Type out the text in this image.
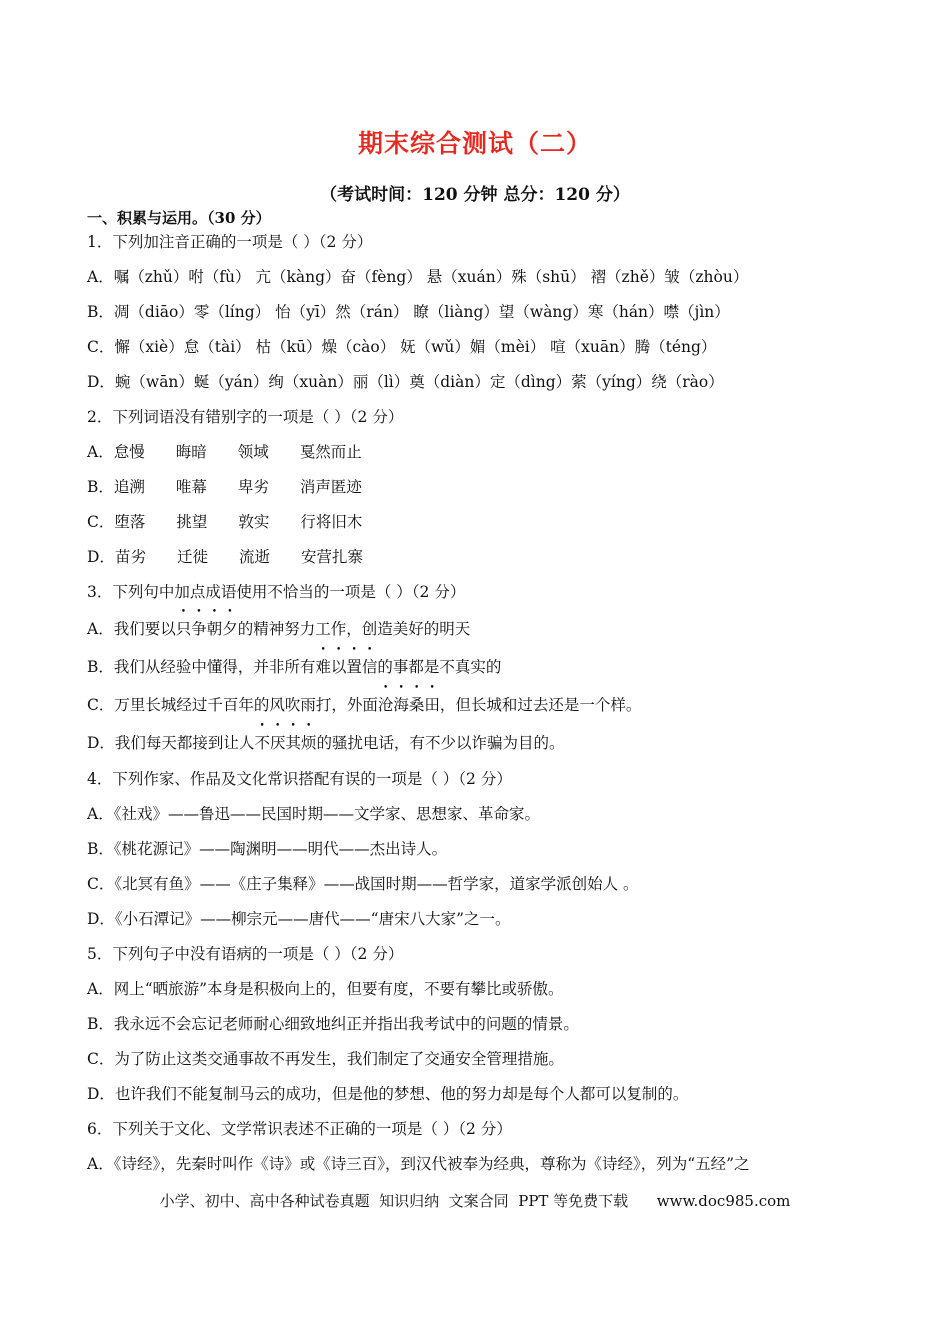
期末综合测试（二）
（考试时间：120 分钟 总分：120 分）
一、积累与运用。（30 分）
1．下列加注音正确的一项是（ ）（2 分）
A．嘱（zhǔ）咐（fù） 亢（kàng）奋（fèng） 悬（xuán）殊（shū） 褶（zhě）皱（zhòu）
B．凋（diāo）零（líng） 怡（yī）然（rán） 瞭（liàng）望（wàng）寒（hán）噤（jìn）
C．懈（xiè）怠（tài） 枯（kū）燥（cào） 妩（wǔ）媚（mèi） 喧（xuān）腾（téng）
D．蜿（wān）蜒（yán）绚（xuàn）丽（lì）奠（diàn）定（dìng）萦（yíng）绕（rào）
2．下列词语没有错别字的一项是（ ）（2 分）
A．怠慢 晦暗 领域 戛然而止
B．追溯 唯幕 卑劣 消声匿迹
C．堕落 挑望 敦实 行将旧木
D．苗劣 迁徙 流逝 安营扎寨
3．下列句中加点成语使用不恰当的一项是（ ）（2 分）
A．我们要以
• • • •
只争朝夕的精神努力工作，创造美好的明天
B．我们从经验中懂得，并非所有
• • • •
难以置信的事都是不真实的
C．万里长城经过千百年的风吹雨打，外面
• • • •
沧海桑田，但长城和过去还是一个样。
D．我们每天都接到让人
• • • •
不厌其烦的骚扰电话，有不少以诈骗为目的。
4．下列作家、作品及文化常识搭配有误的一项是（ ）（2 分）
A．《社戏》——鲁迅——民国时期——文学家、思想家、革命家。
B．《桃花源记》——陶渊明——明代——杰出诗人。
C．《北冥有鱼》——《庄子集释》——战国时期——哲学家，道家学派创始人 。
D．《小石潭记》——柳宗元——唐代——“唐宋八大家”之一。
5．下列句子中没有语病的一项是（ ）（2 分）
A．网上“晒旅游”本身是积极向上的，但要有度，不要有攀比或骄傲。
B．我永远不会忘记老师耐心细致地纠正并指出我考试中的问题的情景。
C．为了防止这类交通事故不再发生，我们制定了交通安全管理措施。
D．也许我们不能复制马云的成功，但是他的梦想、他的努力却是每个人都可以复制的。
6．下列关于文化、文学常识表述不正确的一项是（ ）（2 分）
A．《诗经》，先秦时叫作《诗》或《诗三百》，到汉代被奉为经典，尊称为《诗经》，列为“五经”之
小学、初中、高中各种试卷真题  知识归纳  文案合同  PPT 等免费下载      www.doc985.com
